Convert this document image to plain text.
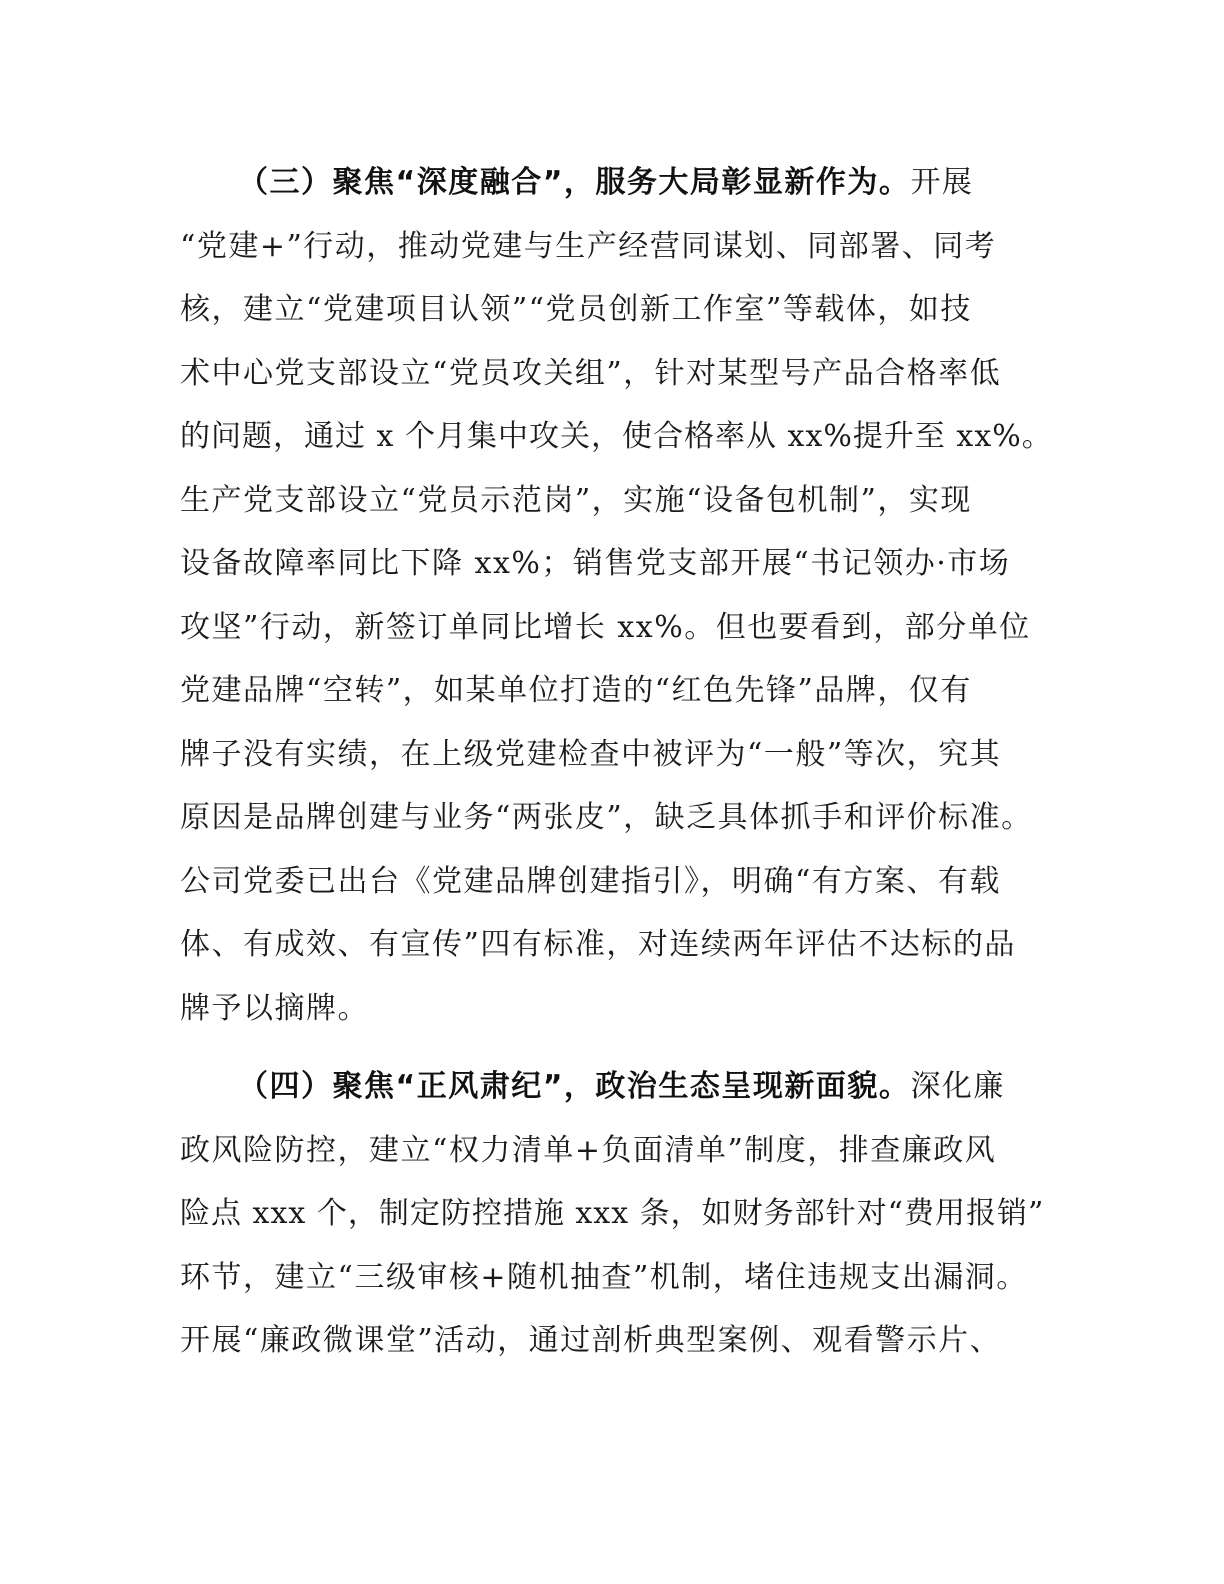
（三）聚焦“深度融合”，服务大局彰显新作为。开展
“党建+”行动，推动党建与生产经营同谋划、同部署、同考
核，建立“党建项目认领”“党员创新工作室”等载体，如技
术中心党支部设立“党员攻关组”，针对某型号产品合格率低
的问题，通过 x 个月集中攻关，使合格率从 xx%提升至 xx%。
生产党支部设立“党员示范岗”，实施“设备包机制”，实现
设备故障率同比下降 xx%；销售党支部开展“书记领办·市场
攻坚”行动，新签订单同比增长 xx%。但也要看到，部分单位
党建品牌“空转”，如某单位打造的“红色先锋”品牌，仅有
牌子没有实绩，在上级党建检查中被评为“一般”等次，究其
原因是品牌创建与业务“两张皮”，缺乏具体抓手和评价标准。
公司党委已出台《党建品牌创建指引》，明确“有方案、有载
体、有成效、有宣传”四有标准，对连续两年评估不达标的品
牌予以摘牌。
（四）聚焦“正风肃纪”，政治生态呈现新面貌。深化廉
政风险防控，建立“权力清单+负面清单”制度，排查廉政风
险点 xxx 个，制定防控措施 xxx 条，如财务部针对“费用报销”
环节，建立“三级审核+随机抽查”机制，堵住违规支出漏洞。
开展“廉政微课堂”活动，通过剖析典型案例、观看警示片、
